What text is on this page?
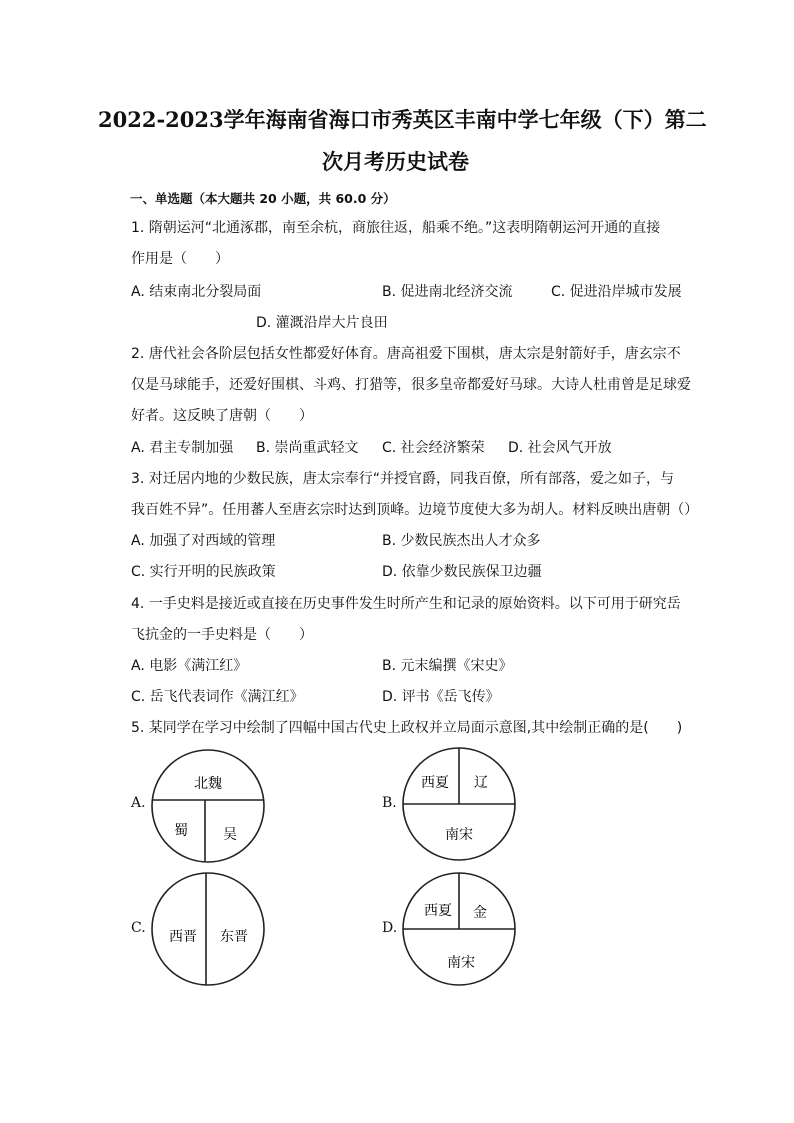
2022-2023学年海南省海口市秀英区丰南中学七年级（下）第二
次月考历史试卷
一、单选题（本大题共 20 小题，共 60.0 分）
1. 隋朝运河“北通涿郡，南至余杭，商旅往返，船乘不绝。”这表明隋朝运河开通的直接
作用是（　　）
A. 结束南北分裂局面	B. 促进南北经济交流	C. 促进沿岸城市发展
D. 灌溉沿岸大片良田
2. 唐代社会各阶层包括女性都爱好体育。唐高祖爱下围棋，唐太宗是射箭好手，唐玄宗不
仅是马球能手，还爱好围棋、斗鸡、打猎等，很多皇帝都爱好马球。大诗人杜甫曾是足球爱
好者。这反映了唐朝（　　）
A. 君主专制加强 B. 崇尚重武轻文 C. 社会经济繁荣 D. 社会风气开放
3. 对迁居内地的少数民族，唐太宗奉行“并授官爵，同我百僚，所有部落，爱之如子，与
我百姓不异”。任用蕃人至唐玄宗时达到顶峰。边境节度使大多为胡人。材料反映出唐朝（）
A. 加强了对西域的管理	B. 少数民族杰出人才众多
C. 实行开明的民族政策	D. 依靠少数民族保卫边疆
4. 一手史料是接近或直接在历史事件发生时所产生和记录的原始资料。以下可用于研究岳
飞抗金的一手史料是（　　）
A. 电影《满江红》	B. 元末编撰《宋史》
C. 岳飞代表词作《满江红》	D. 评书《岳飞传》
5. 某同学在学习中绘制了四幅中国古代史上政权并立局面示意图,其中绘制正确的是(　　)
A.	B.
C.	D.
北魏
蜀	吴
西夏 辽
南宋
西晋 东晋
西夏 金
南宋
